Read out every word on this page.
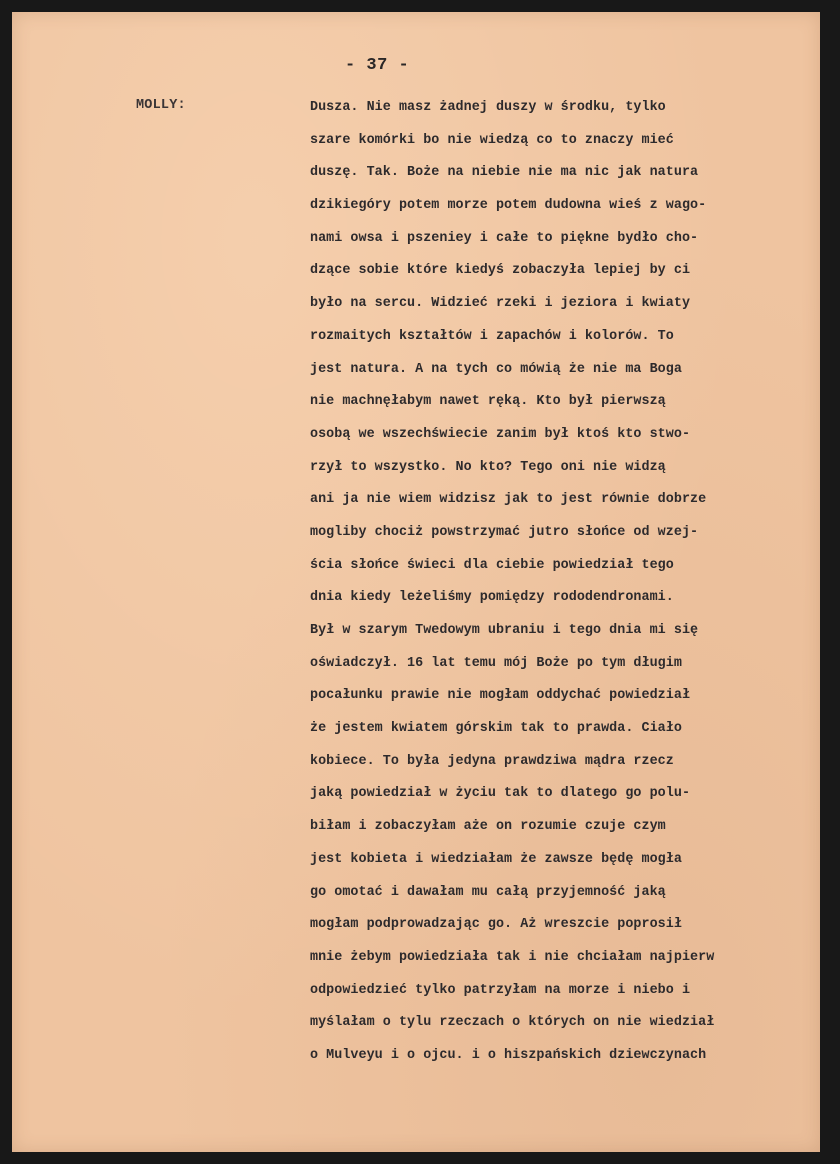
- 37 -
MOLLY:	Dusza. Nie masz żadnej duszy w środku, tylko
szare komórki bo nie wiedzą co to znaczy mieć
duszę. Tak. Boże na niebie nie ma nic jak natura
dzikiegóry potem morze potem dudowna wieś z wago-
nami owsa i pszeniey i całe to piękne bydło cho-
dzące sobie które kiedyś zobaczyła lepiej by ci
było na sercu. Widzieć rzeki i jeziora i kwiaty
rozmaitych kształtów i zapachów i kolorów. To
jest natura. A na tych co mówią że nie ma Boga
nie machnęłabym nawet ręką. Kto był pierwszą
osobą we wszechświecie zanim był ktoś kto stwo-
rzył to wszystko. No kto? Tego oni nie widzą
ani ja nie wiem widzisz jak to jest równie dobrze
mogliby chociż powstrzymać jutro słońce od wzej-
ścia słońce świeci dla ciebie powiedział tego
dnia kiedy leżeliśmy pomiędzy rododendronami.
Był w szarym Twedowym ubraniu i tego dnia mi się
oświadczył. 16 lat temu mój Boże po tym długim
pocałunku prawie nie mogłam oddychać powiedział
że jestem kwiatem górskim tak to prawda. Ciało
kobiece. To była jedyna prawdziwa mądra rzecz
jaką powiedział w życiu tak to dlatego go polu-
biłam i zobaczyłam aże on rozumie czuje czym
jest kobieta i wiedziałam że zawsze będę mogła
go omotać i dawałam mu całą przyjemność jaką
mogłam podprowadzając go. Aż wreszcie poprosił
mnie żebym powiedziała tak i nie chciałam najpierw
odpowiedzieć tylko patrzyłam na morze i niebo i
myślałam o tylu rzeczach o których on nie wiedział
o Mulveyu i o ojcu. i o hiszpańskich dziewczynach
